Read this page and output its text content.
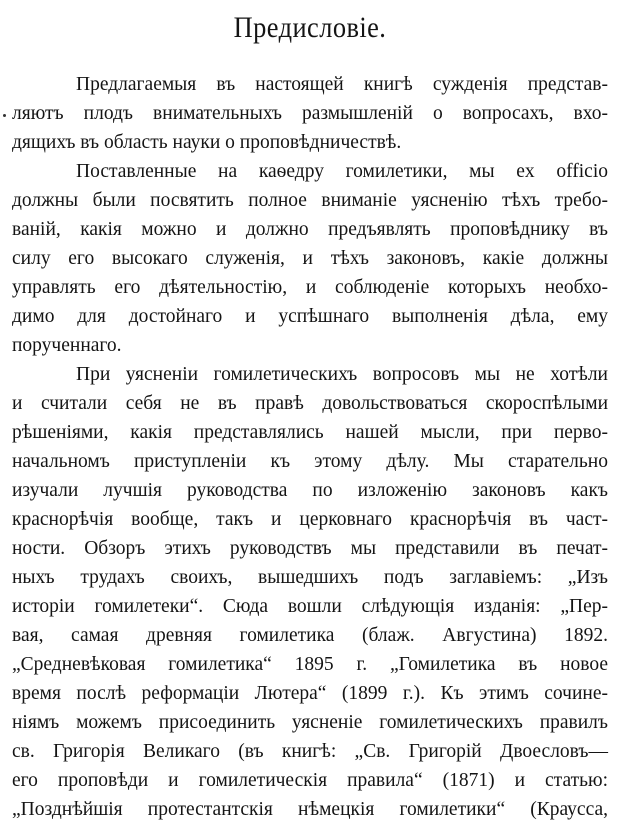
Предисловіе.
Предлагаемыя въ настоящей книгѣ сужденія представ-
ляютъ плодъ внимательныхъ размышленій о вопросахъ, вхо-
дящихъ въ область науки о проповѣдничествѣ.
Поставленные на каѳедру гомилетики, мы ex officio
должны были посвятить полное вниманіе уясненію тѣхъ требо-
ваній, какія можно и должно предъявлять проповѣднику въ
силу его высокаго служенія, и тѣхъ законовъ, какіе должны
управлять его дѣятельностію, и соблюденіе которыхъ необхо-
димо для достойнаго и успѣшнаго выполненія дѣла, ему
порученнаго.
При уясненіи гомилетическихъ вопросовъ мы не хотѣли
и считали себя не въ правѣ довольствоваться скороспѣлыми
рѣшеніями, какія представлялись нашей мысли, при перво-
начальномъ приступленіи къ этому дѣлу. Мы старательно
изучали лучшія руководства по изложенію законовъ какъ
краснорѣчія вообще, такъ и церковнаго краснорѣчія въ част-
ности. Обзоръ этихъ руководствъ мы представили въ печат-
ныхъ трудахъ своихъ, вышедшихъ подъ заглавіемъ: „Изъ
исторіи гомилетеки“. Сюда вошли слѣдующія изданія: „Пер-
вая, самая древняя гомилетика (блаж. Августина) 1892.
„Средневѣковая гомилетика“ 1895 г. „Гомилетика въ новое
время послѣ реформаціи Лютера“ (1899 г.). Къ этимъ сочине-
ніямъ можемъ присоединить уясненіе гомилетическихъ правилъ
св. Григорія Великаго (въ книгѣ: „Св. Григорій Двоесловъ—
его проповѣди и гомилетическія правила“ (1871) и статью:
„Позднѣйшія протестантскія нѣмецкія гомилетики“ (Краусса,
